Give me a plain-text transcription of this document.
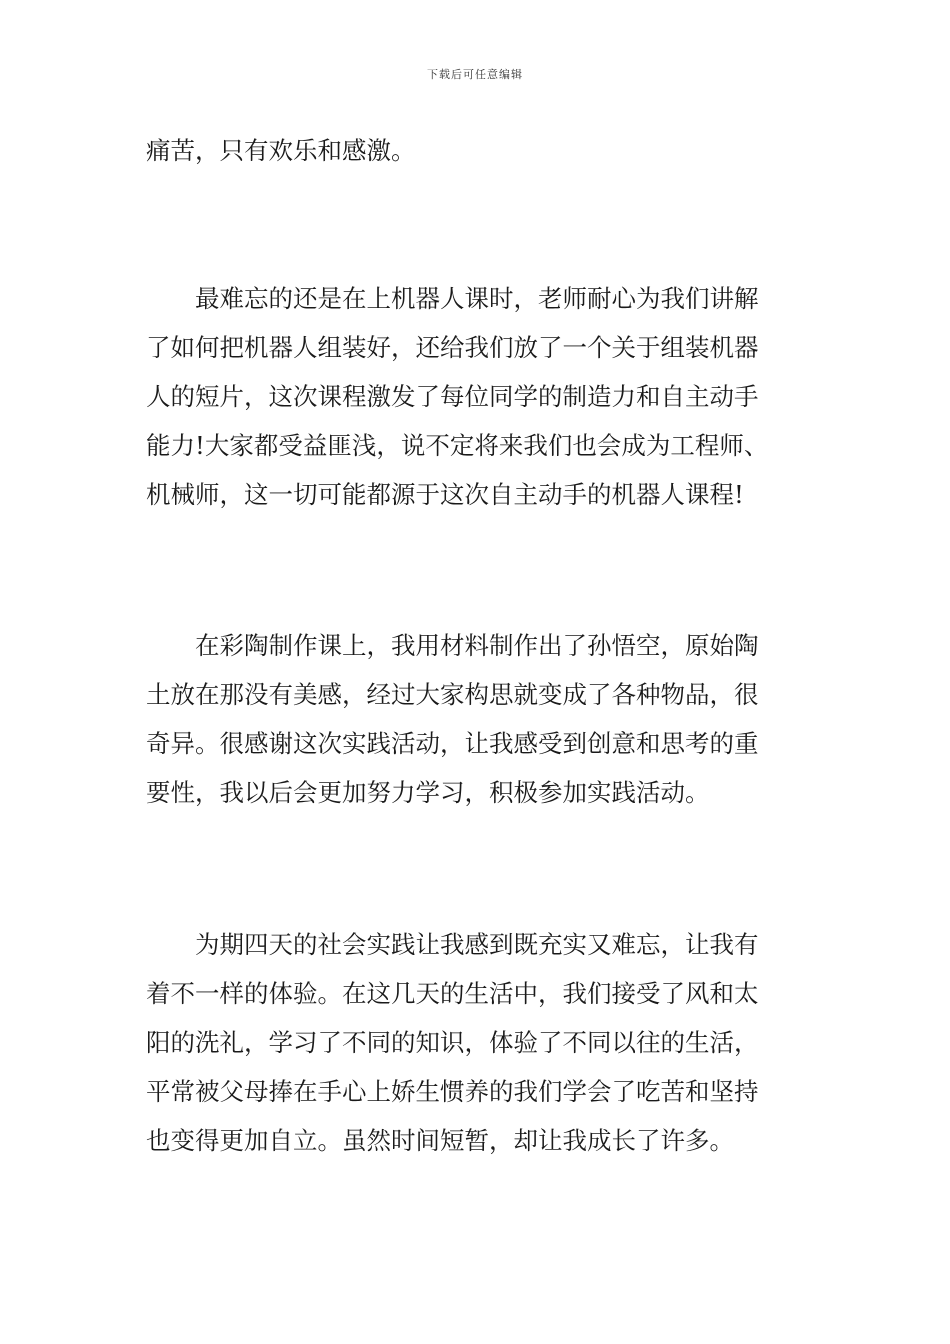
下载后可任意编辑

痛苦，只有欢乐和感激。

　　最难忘的还是在上机器人课时，老师耐心为我们讲解
了如何把机器人组装好，还给我们放了一个关于组装机器
人的短片，这次课程激发了每位同学的制造力和自主动手
能力!大家都受益匪浅，说不定将来我们也会成为工程师、
机械师，这一切可能都源于这次自主动手的机器人课程!

　　在彩陶制作课上，我用材料制作出了孙悟空，原始陶
土放在那没有美感，经过大家构思就变成了各种物品，很
奇异。很感谢这次实践活动，让我感受到创意和思考的重
要性，我以后会更加努力学习，积极参加实践活动。

　　为期四天的社会实践让我感到既充实又难忘，让我有
着不一样的体验。在这几天的生活中，我们接受了风和太
阳的洗礼，学习了不同的知识，体验了不同以往的生活，
平常被父母捧在手心上娇生惯养的我们学会了吃苦和坚持
也变得更加自立。虽然时间短暂，却让我成长了许多。
